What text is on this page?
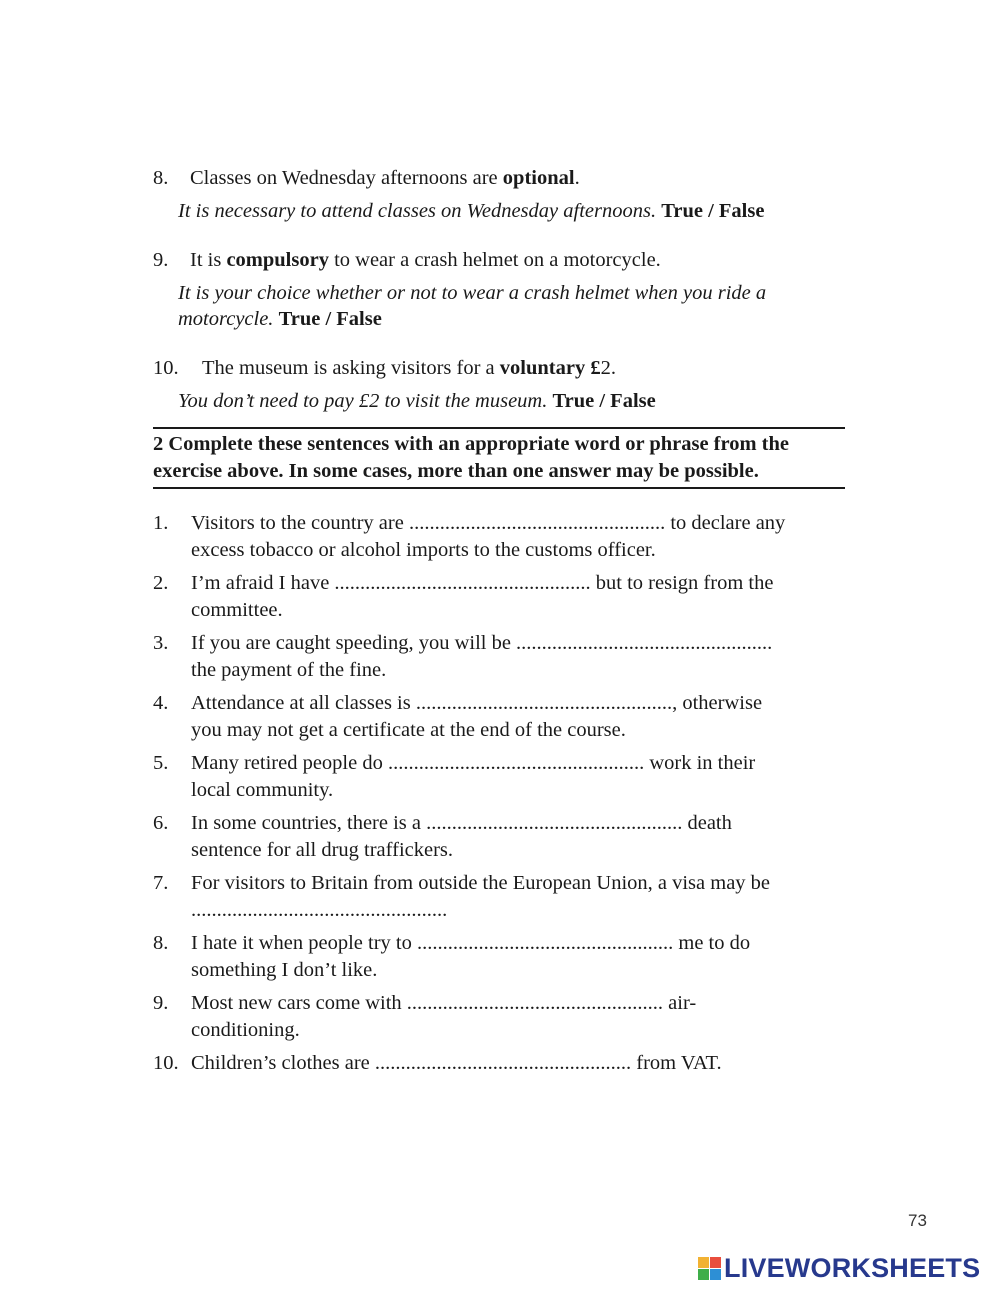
8. Classes on Wednesday afternoons are optional.
It is necessary to attend classes on Wednesday afternoons. True / False
9. It is compulsory to wear a crash helmet on a motorcycle.
It is your choice whether or not to wear a crash helmet when you ride a
motorcycle. True / False
10. The museum is asking visitors for a voluntary £2.
You don’t need to pay £2 to visit the museum. True / False
2 Complete these sentences with an appropriate word or phrase from the
exercise above. In some cases, more than one answer may be possible.
1. Visitors to the country are .................................................. to declare any
excess tobacco or alcohol imports to the customs officer.
2. I’m afraid I have .................................................. but to resign from the
committee.
3. If you are caught speeding, you will be ..................................................
the payment of the fine.
4. Attendance at all classes is .................................................., otherwise
you may not get a certificate at the end of the course.
5. Many retired people do .................................................. work in their
local community.
6. In some countries, there is a .................................................. death
sentence for all drug traffickers.
7. For visitors to Britain from outside the European Union, a visa may be
..................................................
8. I hate it when people try to .................................................. me to do
something I don’t like.
9. Most new cars come with .................................................. air-
conditioning.
10. Children’s clothes are .................................................. from VAT.
73
LIVEWORKSHEETS
